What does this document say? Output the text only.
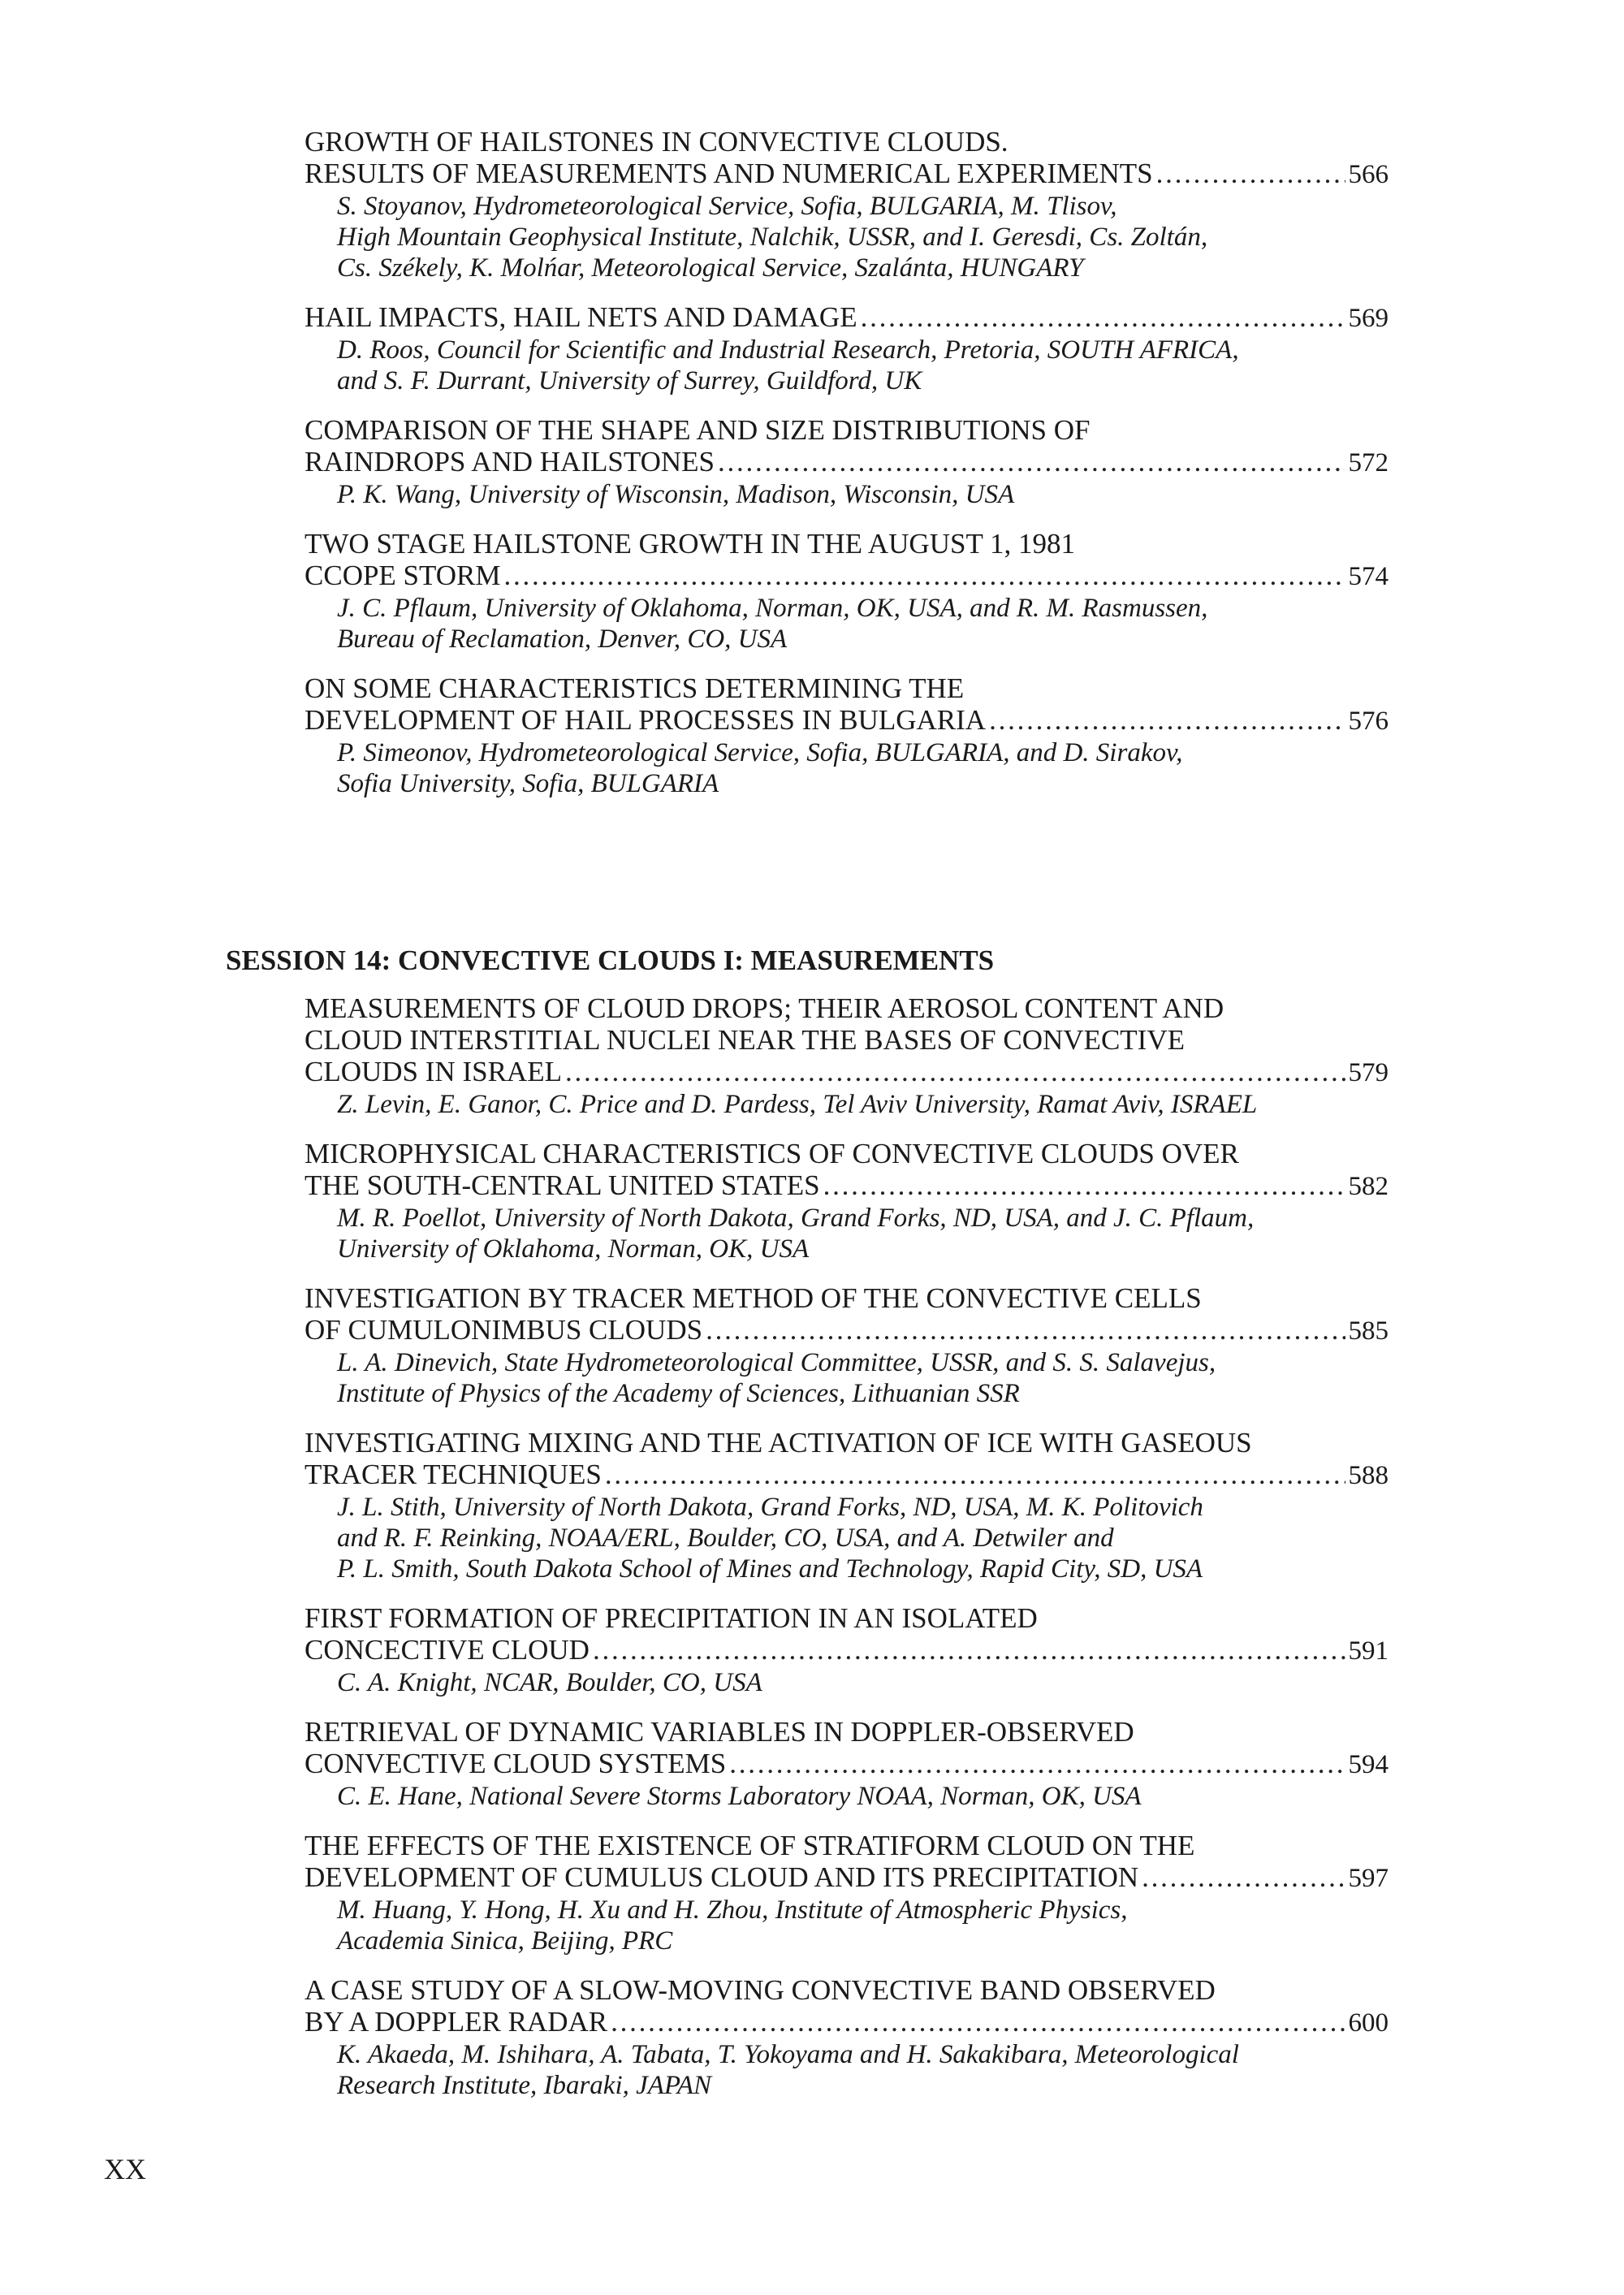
GROWTH OF HAILSTONES IN CONVECTIVE CLOUDS.
RESULTS OF MEASUREMENTS AND NUMERICAL EXPERIMENTS . . .	566
S. Stoyanov, Hydrometeorological Service, Sofia, BULGARIA, M. Tlisov,
High Mountain Geophysical Institute, Nalchik, USSR, and I. Geresdi, Cs. Zoltán,
Cs. Székely, K. Molńar, Meteorological Service, Szalánta, HUNGARY
HAIL IMPACTS, HAIL NETS AND DAMAGE . . .	569
D. Roos, Council for Scientific and Industrial Research, Pretoria, SOUTH AFRICA,
and S. F. Durrant, University of Surrey, Guildford, UK
COMPARISON OF THE SHAPE AND SIZE DISTRIBUTIONS OF
RAINDROPS AND HAILSTONES . . .	572
P. K. Wang, University of Wisconsin, Madison, Wisconsin, USA
TWO STAGE HAILSTONE GROWTH IN THE AUGUST 1, 1981
CCOPE STORM . . .	574
J. C. Pflaum, University of Oklahoma, Norman, OK, USA, and R. M. Rasmussen,
Bureau of Reclamation, Denver, CO, USA
ON SOME CHARACTERISTICS DETERMINING THE
DEVELOPMENT OF HAIL PROCESSES IN BULGARIA . . .	576
P. Simeonov, Hydrometeorological Service, Sofia, BULGARIA, and D. Sirakov,
Sofia University, Sofia, BULGARIA
SESSION 14: CONVECTIVE CLOUDS I: MEASUREMENTS
MEASUREMENTS OF CLOUD DROPS; THEIR AEROSOL CONTENT AND
CLOUD INTERSTITIAL NUCLEI NEAR THE BASES OF CONVECTIVE
CLOUDS IN ISRAEL . . .	579
Z. Levin, E. Ganor, C. Price and D. Pardess, Tel Aviv University, Ramat Aviv, ISRAEL
MICROPHYSICAL CHARACTERISTICS OF CONVECTIVE CLOUDS OVER
THE SOUTH-CENTRAL UNITED STATES . . .	582
M. R. Poellot, University of North Dakota, Grand Forks, ND, USA, and J. C. Pflaum,
University of Oklahoma, Norman, OK, USA
INVESTIGATION BY TRACER METHOD OF THE CONVECTIVE CELLS
OF CUMULONIMBUS CLOUDS . . .	585
L. A. Dinevich, State Hydrometeorological Committee, USSR, and S. S. Salavejus,
Institute of Physics of the Academy of Sciences, Lithuanian SSR
INVESTIGATING MIXING AND THE ACTIVATION OF ICE WITH GASEOUS
TRACER TECHNIQUES . . .	588
J. L. Stith, University of North Dakota, Grand Forks, ND, USA, M. K. Politovich
and R. F. Reinking, NOAA/ERL, Boulder, CO, USA, and A. Detwiler and
P. L. Smith, South Dakota School of Mines and Technology, Rapid City, SD, USA
FIRST FORMATION OF PRECIPITATION IN AN ISOLATED
CONCECTIVE CLOUD . . .	591
C. A. Knight, NCAR, Boulder, CO, USA
RETRIEVAL OF DYNAMIC VARIABLES IN DOPPLER-OBSERVED
CONVECTIVE CLOUD SYSTEMS . . .	594
C. E. Hane, National Severe Storms Laboratory NOAA, Norman, OK, USA
THE EFFECTS OF THE EXISTENCE OF STRATIFORM CLOUD ON THE
DEVELOPMENT OF CUMULUS CLOUD AND ITS PRECIPITATION . . .	597
M. Huang, Y. Hong, H. Xu and H. Zhou, Institute of Atmospheric Physics,
Academia Sinica, Beijing, PRC
A CASE STUDY OF A SLOW-MOVING CONVECTIVE BAND OBSERVED
BY A DOPPLER RADAR . . .	600
K. Akaeda, M. Ishihara, A. Tabata, T. Yokoyama and H. Sakakibara, Meteorological
Research Institute, Ibaraki, JAPAN
XX
